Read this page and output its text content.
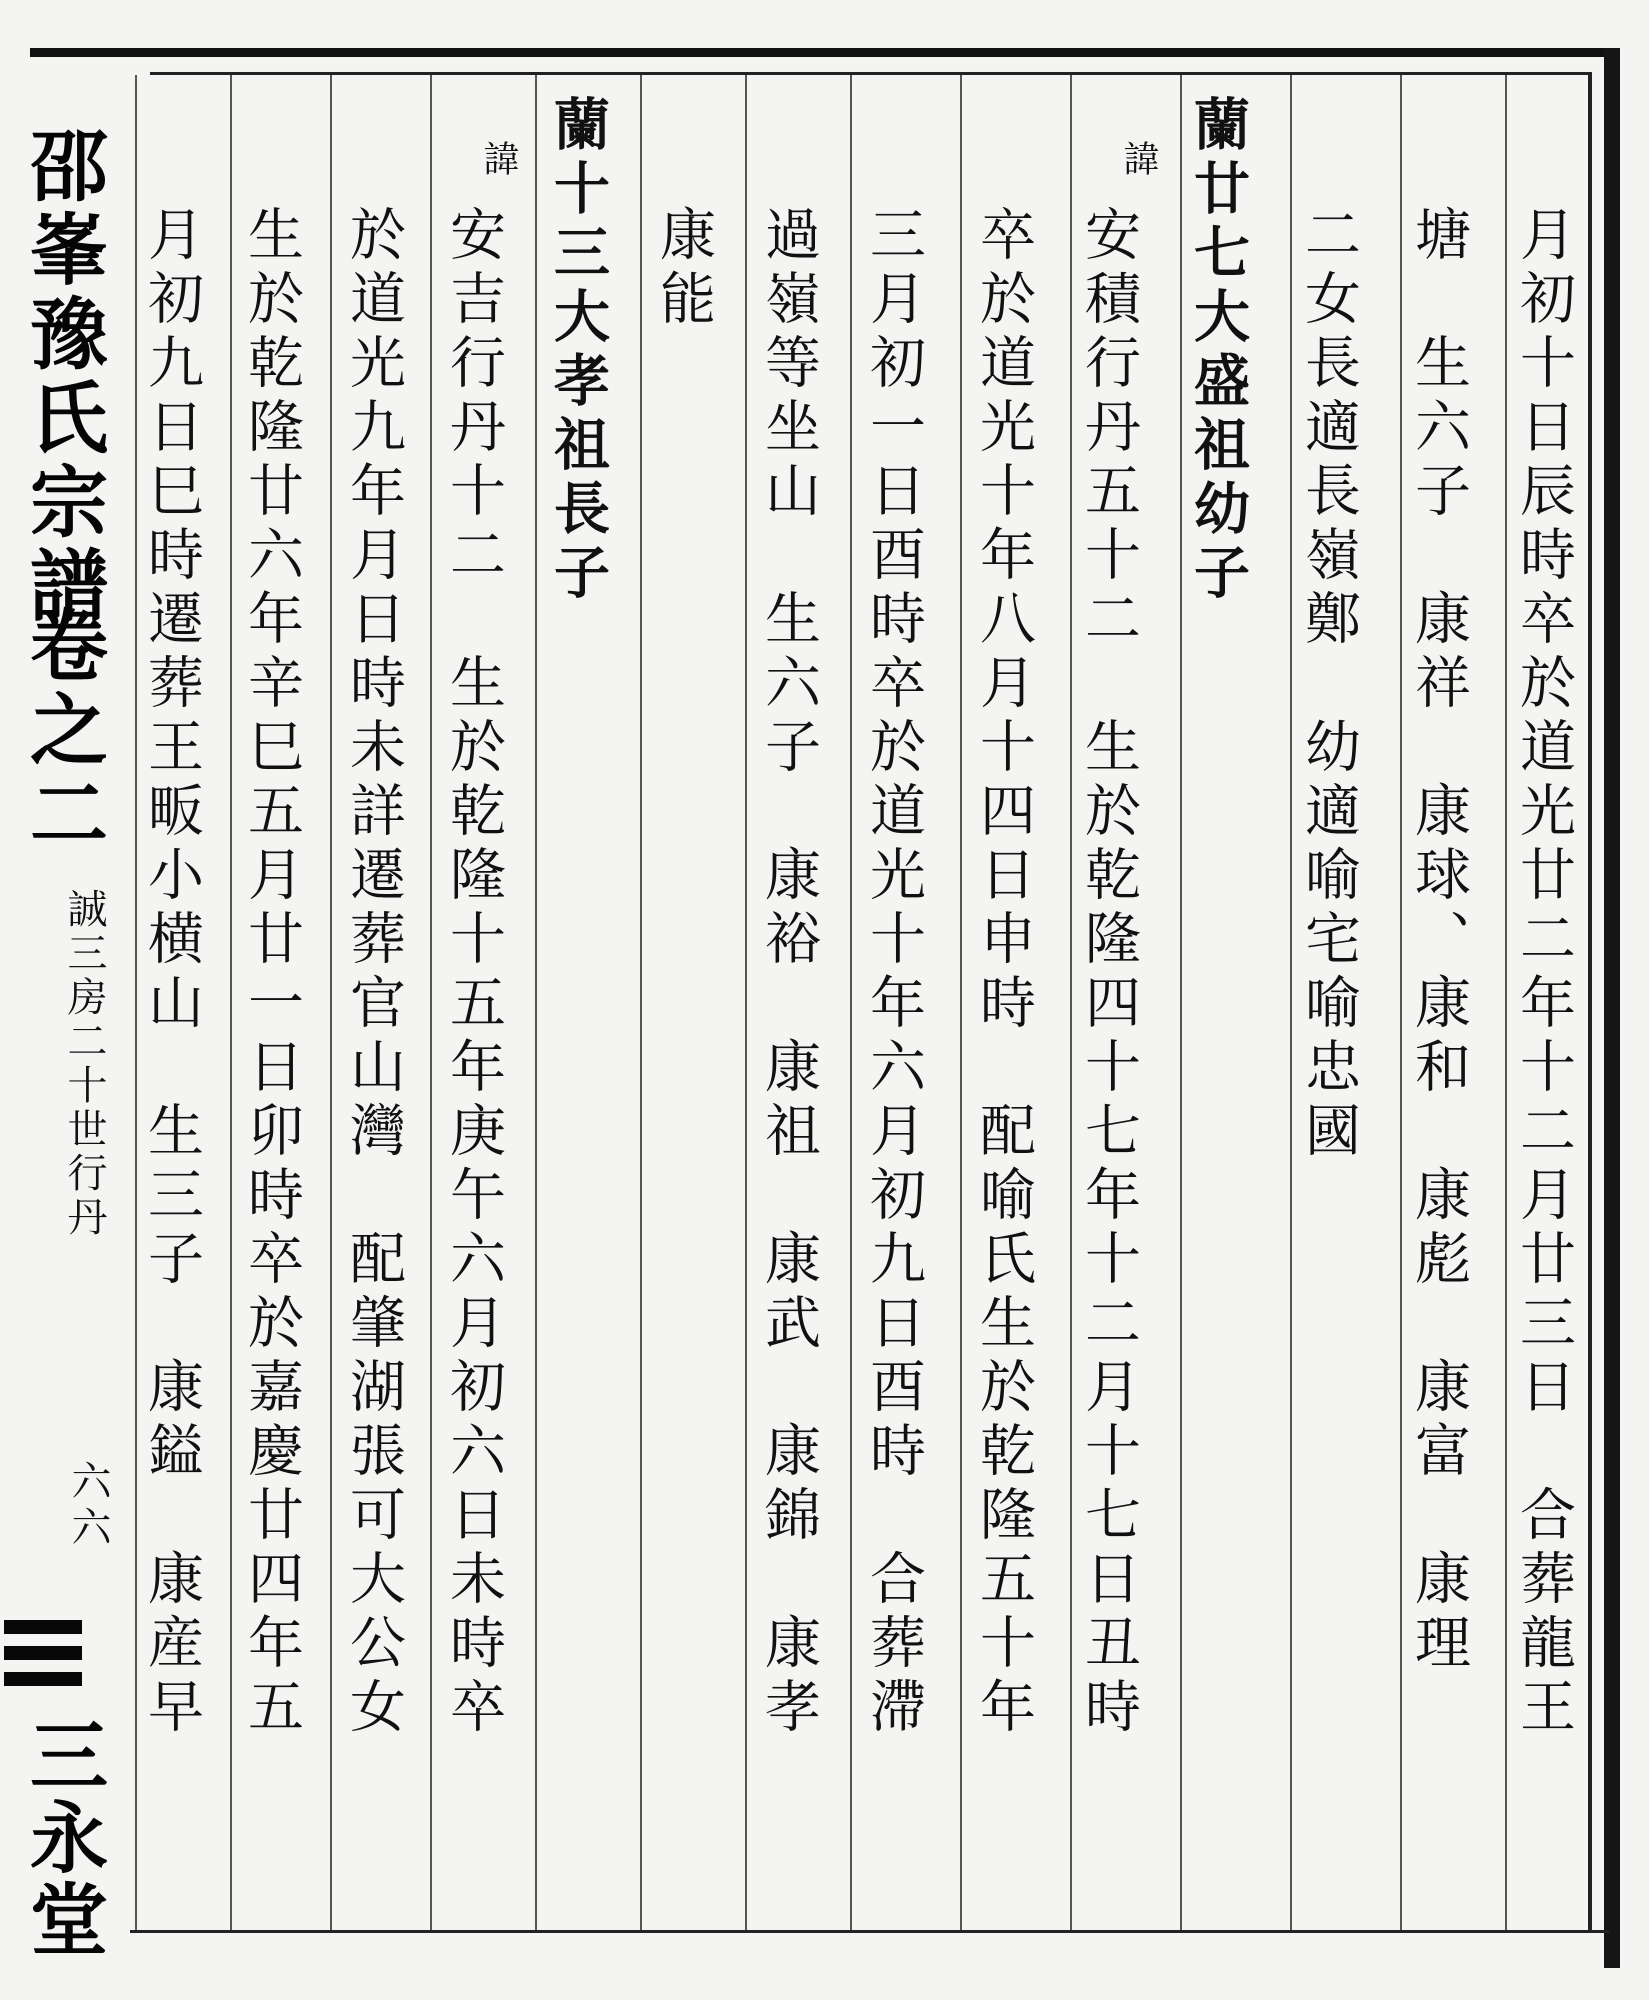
月初十日辰時卒於道光廿二年十二月廿三日　合葬龍王
塘　生六子　康祥　康球、康和　康彪　康富　康理
二女長適長嶺鄭　幼適喻宅喻忠國
蘭廿七大盛祖幼子
諱
安積行丹五十二　生於乾隆四十七年十二月十七日丑時
卒於道光十年八月十四日申時　配喻氏生於乾隆五十年
三月初一日酉時卒於道光十年六月初九日酉時　合葬滯
過嶺等坐山　生六子　康裕　康祖　康武　康錦　康孝
康能
蘭十三大孝祖長子
諱
安吉行丹十二　生於乾隆十五年庚午六月初六日未時卒
於道光九年月日時未詳遷葬官山灣　配肇湖張可大公女
生於乾隆廿六年辛巳五月廿一日卯時卒於嘉慶廿四年五
月初九日巳時遷葬王畈小横山　生三子　康鎰　康産早
邵峯豫氏宗譜
卷之二
誠三房二十世行丹
六六
三永堂
